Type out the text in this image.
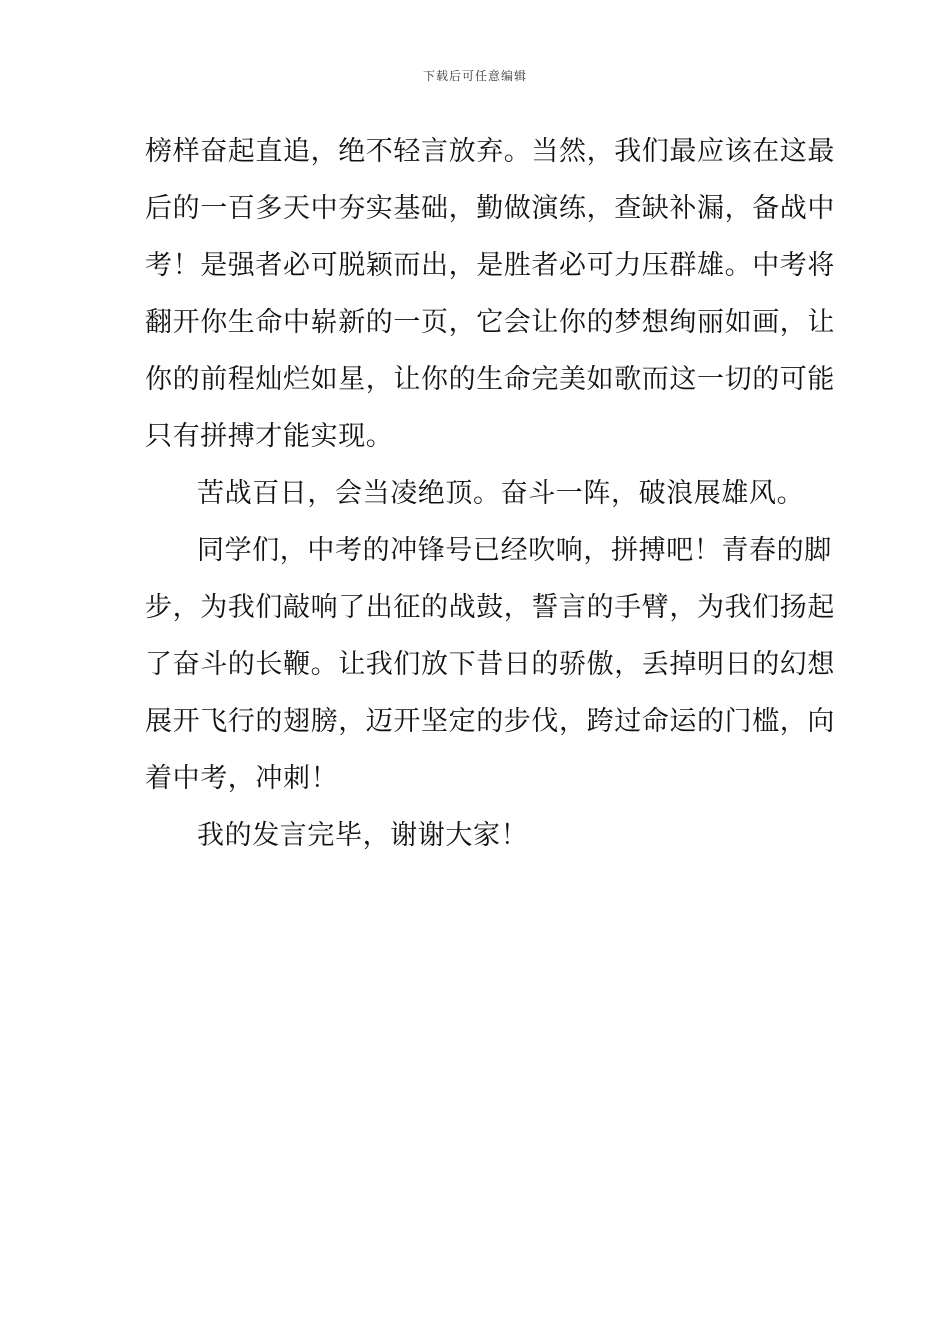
下载后可任意编辑
榜样奋起直追，绝不轻言放弃。当然，我们最应该在这最
后的一百多天中夯实基础，勤做演练，查缺补漏，备战中
考！是强者必可脱颖而出，是胜者必可力压群雄。中考将
翻开你生命中崭新的一页，它会让你的梦想绚丽如画，让
你的前程灿烂如星，让你的生命完美如歌而这一切的可能
只有拼搏才能实现。
苦战百日，会当凌绝顶。奋斗一阵，破浪展雄风。
同学们，中考的冲锋号已经吹响，拼搏吧！青春的脚
步，为我们敲响了出征的战鼓，誓言的手臂，为我们扬起
了奋斗的长鞭。让我们放下昔日的骄傲，丢掉明日的幻想
展开飞行的翅膀，迈开坚定的步伐，跨过命运的门槛，向
着中考，冲刺！
我的发言完毕，谢谢大家！
